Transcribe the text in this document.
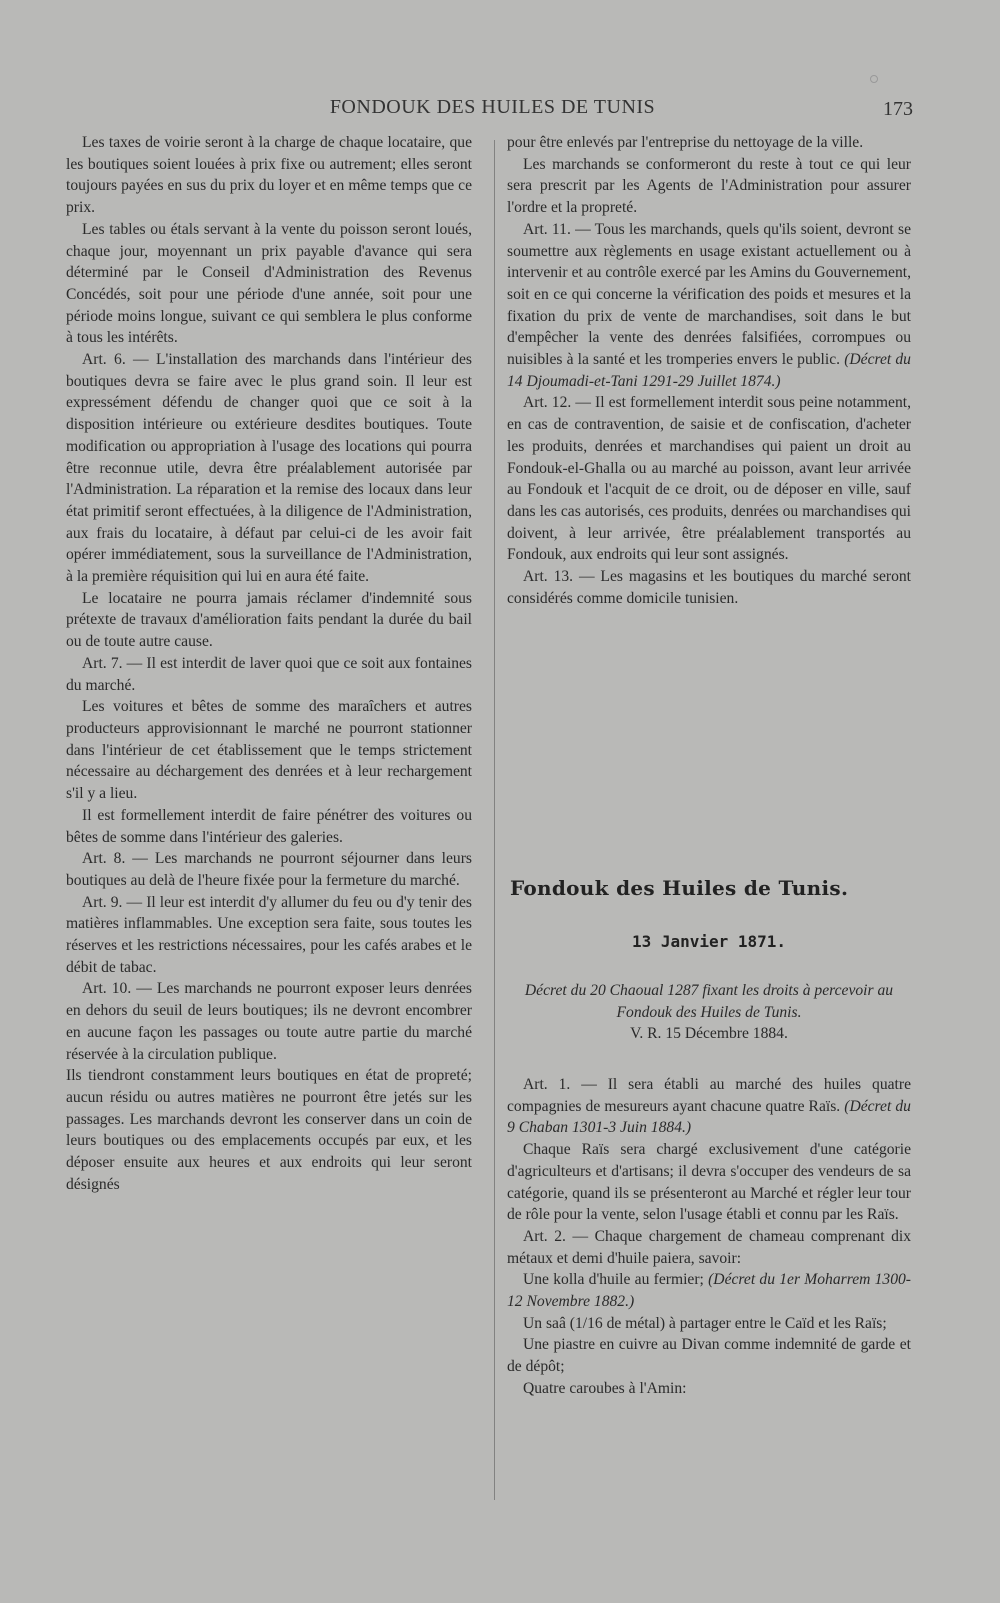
FONDOUK DES HUILES DE TUNIS	173

Les taxes de voirie seront à la charge de chaque locataire, que les boutiques soient louées à prix fixe ou autrement; elles seront toujours payées en sus du prix du loyer et en même temps que ce prix.

Les tables ou étals servant à la vente du poisson seront loués, chaque jour, moyennant un prix payable d'avance qui sera déterminé par le Conseil d'Administration des Revenus Concédés, soit pour une période d'une année, soit pour une période moins longue, suivant ce qui semblera le plus conforme à tous les intérêts.

Art. 6. — L'installation des marchands dans l'intérieur des boutiques devra se faire avec le plus grand soin. Il leur est expressément défendu de changer quoi que ce soit à la disposition intérieure ou extérieure desdites boutiques. Toute modification ou appropriation à l'usage des locations qui pourra être reconnue utile, devra être préalablement autorisée par l'Administration. La réparation et la remise des locaux dans leur état primitif seront effectuées, à la diligence de l'Administration, aux frais du locataire, à défaut par celui-ci de les avoir fait opérer immédiatement, sous la surveillance de l'Administration, à la première réquisition qui lui en aura été faite.

Le locataire ne pourra jamais réclamer d'indemnité sous prétexte de travaux d'amélioration faits pendant la durée du bail ou de toute autre cause.

Art. 7. — Il est interdit de laver quoi que ce soit aux fontaines du marché.

Les voitures et bêtes de somme des maraîchers et autres producteurs approvisionnant le marché ne pourront stationner dans l'intérieur de cet établissement que le temps strictement nécessaire au déchargement des denrées et à leur rechargement s'il y a lieu.

Il est formellement interdit de faire pénétrer des voitures ou bêtes de somme dans l'intérieur des galeries.

Art. 8. — Les marchands ne pourront séjourner dans leurs boutiques au delà de l'heure fixée pour la fermeture du marché.

Art. 9. — Il leur est interdit d'y allumer du feu ou d'y tenir des matières inflammables. Une exception sera faite, sous toutes les réserves et les restrictions nécessaires, pour les cafés arabes et le débit de tabac.

Art. 10. — Les marchands ne pourront exposer leurs denrées en dehors du seuil de leurs boutiques; ils ne devront encombrer en aucune façon les passages ou toute autre partie du marché réservée à la circulation publique.

Ils tiendront constamment leurs boutiques en état de propreté; aucun résidu ou autres matières ne pourront être jetés sur les passages. Les marchands devront les conserver dans un coin de leurs boutiques ou des emplacements occupés par eux, et les déposer ensuite aux heures et aux endroits qui leur seront désignés

pour être enlevés par l'entreprise du nettoyage de la ville.

Les marchands se conformeront du reste à tout ce qui leur sera prescrit par les Agents de l'Administration pour assurer l'ordre et la propreté.

Art. 11. — Tous les marchands, quels qu'ils soient, devront se soumettre aux règlements en usage existant actuellement ou à intervenir et au contrôle exercé par les Amins du Gouvernement, soit en ce qui concerne la vérification des poids et mesures et la fixation du prix de vente de marchandises, soit dans le but d'empêcher la vente des denrées falsifiées, corrompues ou nuisibles à la santé et les tromperies envers le public. (Décret du 14 Djoumadi-et-Tani 1291-29 Juillet 1874.)

Art. 12. — Il est formellement interdit sous peine notamment, en cas de contravention, de saisie et de confiscation, d'acheter les produits, denrées et marchandises qui paient un droit au Fondouk-el-Ghalla ou au marché au poisson, avant leur arrivée au Fondouk et l'acquit de ce droit, ou de déposer en ville, sauf dans les cas autorisés, ces produits, denrées ou marchandises qui doivent, à leur arrivée, être préalablement transportés au Fondouk, aux endroits qui leur sont assignés.

Art. 13. — Les magasins et les boutiques du marché seront considérés comme domicile tunisien.

Fondouk des Huiles de Tunis.
13 Janvier 1871.
Décret du 20 Chaoual 1287 fixant les droits à percevoir au Fondouk des Huiles de Tunis.
V. R. 15 Décembre 1884.

Art. 1. — Il sera établi au marché des huiles quatre compagnies de mesureurs ayant chacune quatre Raïs. (Décret du 9 Chaban 1301-3 Juin 1884.)

Chaque Raïs sera chargé exclusivement d'une catégorie d'agriculteurs et d'artisans; il devra s'occuper des vendeurs de sa catégorie, quand ils se présenteront au Marché et régler leur tour de rôle pour la vente, selon l'usage établi et connu par les Raïs.

Art. 2. — Chaque chargement de chameau comprenant dix métaux et demi d'huile paiera, savoir:

Une kolla d'huile au fermier; (Décret du 1er Moharrem 1300-12 Novembre 1882.)

Un saâ (1/16 de métal) à partager entre le Caïd et les Raïs;

Une piastre en cuivre au Divan comme indemnité de garde et de dépôt;

Quatre caroubes à l'Amin:
